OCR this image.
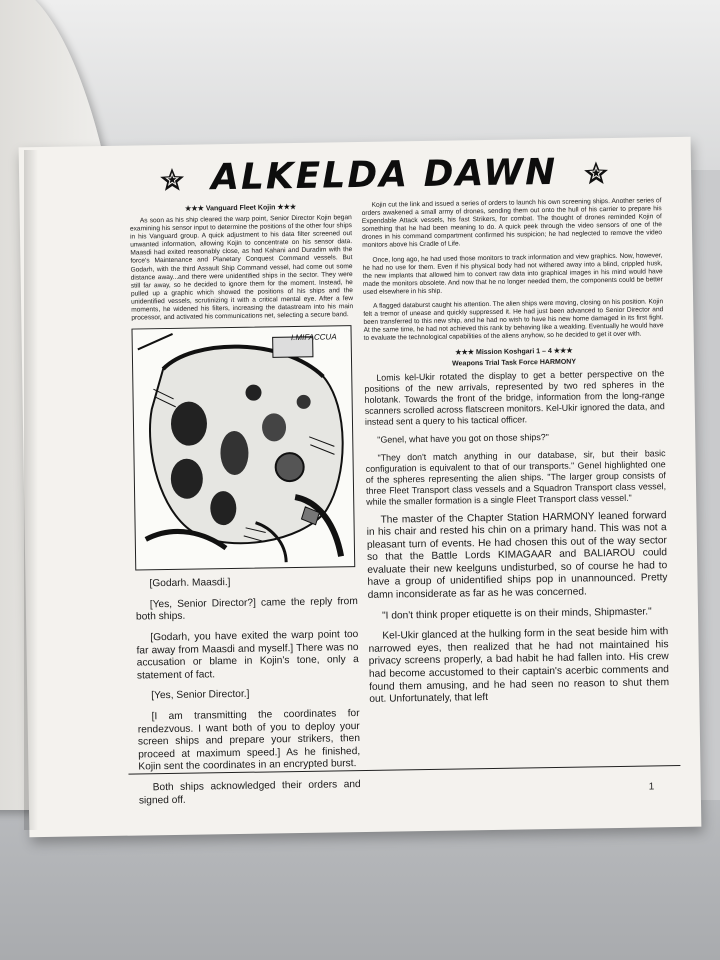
ALKELDA DAWN
★★★ Vanguard Fleet Kojin ★★★

As soon as his ship cleared the warp point, Senior Director Kojin began examining his sensor input to determine the positions of the other four ships in his Vanguard group. A quick adjustment to his data filter screened out unwanted information, allowing Kojin to concentrate on his sensor data. Maasdi had exited reasonably close, as had Kahani and Duradim with the force's Maintenance and Planetary Conquest Command vessels. But Godarh, with the third Assault Ship Command vessel, had come out some distance away...and there were unidentified ships in the sector. They were still far away, so he decided to ignore them for the moment. Instead, he pulled up a graphic which showed the positions of his ships and the unidentified vessels, scrutinizing it with a critical mental eye. After a few moments, he widened his filters, increasing the datastream into his main processor, and activated his communications net, selecting a secure band.

I.MIFACCUA

[Godarh. Maasdi.]

[Yes, Senior Director?] came the reply from both ships.

[Godarh, you have exited the warp point too far away from Maasdi and myself.] There was no accusation or blame in Kojin's tone, only a statement of fact.

[Yes, Senior Director.]

[I am transmitting the coordinates for rendezvous. I want both of you to deploy your screen ships and prepare your strikers, then proceed at maximum speed.] As he finished, Kojin sent the coordinates in an encrypted burst.

Both ships acknowledged their orders and signed off.

Kojin cut the link and issued a series of orders to launch his own screening ships. Another series of orders awakened a small army of drones, sending them out onto the hull of his carrier to prepare his Expendable Attack vessels, his fast Strikers, for combat. The thought of drones reminded Kojin of something that he had been meaning to do. A quick peek through the video sensors of one of the drones in his command compartment confirmed his suspicion; he had neglected to remove the video monitors above his Cradle of Life.

Once, long ago, he had used those monitors to track information and view graphics. Now, however, he had no use for them. Even if his physical body had not withered away into a blind, crippled husk, the new implants that allowed him to convert raw data into graphical images in his mind would have made the monitors obsolete. And now that he no longer needed them, the components could be better used elsewhere in his ship.

A flagged databurst caught his attention. The alien ships were moving, closing on his position. Kojin felt a tremor of unease and quickly suppressed it. He had just been advanced to Senior Director and been transferred to this new ship, and he had no wish to have his new home damaged in its first fight. At the same time, he had not achieved this rank by behaving like a weakling. Eventually he would have to evaluate the technological capabilities of the aliens anyhow, so he decided to get it over with.

★★★ Mission Koshgari 1 – 4 ★★★
Weapons Trial Task Force HARMONY

Lomis kel-Ukir rotated the display to get a better perspective on the positions of the new arrivals, represented by two red spheres in the holotank. Towards the front of the bridge, information from the long-range scanners scrolled across flatscreen monitors. Kel-Ukir ignored the data, and instead sent a query to his tactical officer.

"Genel, what have you got on those ships?"

"They don't match anything in our database, sir, but their basic configuration is equivalent to that of our transports." Genel highlighted one of the spheres representing the alien ships. "The larger group consists of three Fleet Transport class vessels and a Squadron Transport class vessel, while the smaller formation is a single Fleet Transport class vessel."

The master of the Chapter Station HARMONY leaned forward in his chair and rested his chin on a primary hand. This was not a pleasant turn of events. He had chosen this out of the way sector so that the Battle Lords KIMAGAAR and BALIAROU could evaluate their new keelguns undisturbed, so of course he had to have a group of unidentified ships pop in unannounced. Pretty damn inconsiderate as far as he was concerned.

"I don't think proper etiquette is on their minds, Shipmaster."

Kel-Ukir glanced at the hulking form in the seat beside him with narrowed eyes, then realized that he had not maintained his privacy screens properly, a bad habit he had fallen into. His crew had become accustomed to their captain's acerbic comments and found them amusing, and he had seen no reason to shut them out. Unfortunately, that left

1
